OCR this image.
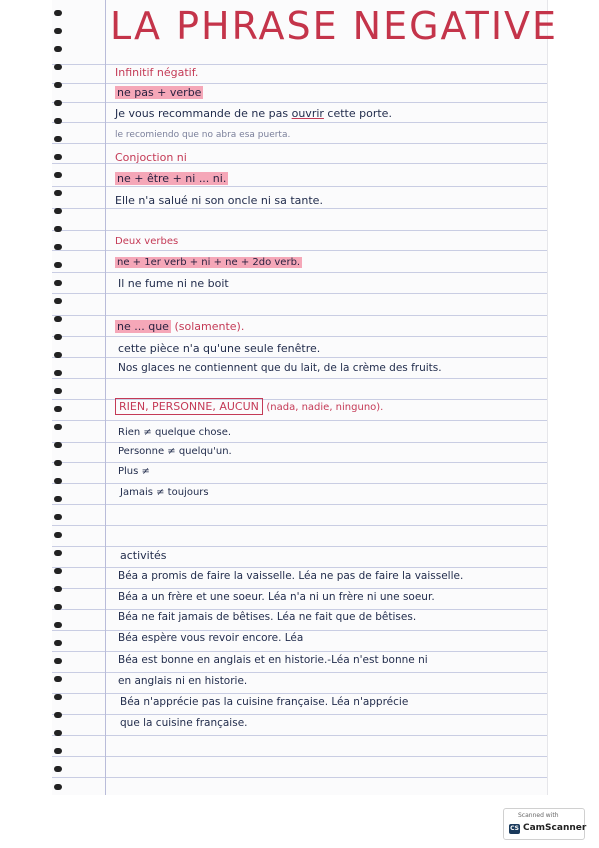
LA PHRASE NEGATIVE
Infinitif négatif.
ne pas + verbe
Je vous recommande de ne pas ouvrir cette porte.
le recomiendo que no abra esa puerta.
Conjoction ni
ne + être + ni ... ni.
Elle n'a salué ni son oncle ni sa tante.
Deux verbes
ne + 1er verb + ni + ne + 2do verb.
Il ne fume ni ne boit
ne ... que (solamente).
cette pièce n'a qu'une seule fenêtre.
Nos glaces ne contiennent que du lait, de la crème des fruits.
RIEN, PERSONNE, AUCUN (nada, nadie, ninguno).
Rien ≠ quelque chose.
Personne ≠ quelqu'un.
Plus ≠
Jamais ≠ toujours
activités
Béa a promis de faire la vaisselle. Léa ne pas de faire la vaisselle.
Béa a un frère et une soeur. Léa n'a ni un frère ni une soeur.
Béa ne fait jamais de bêtises. Léa ne fait que de bêtises.
Béa espère vous revoir encore. Léa
Béa est bonne en anglais et en historie.-Léa n'est bonne ni
en anglais ni en historie.
Béa n'apprécie pas la cuisine française. Léa n'apprécie
que la cuisine française.
Scanned with
CS CamScanner
